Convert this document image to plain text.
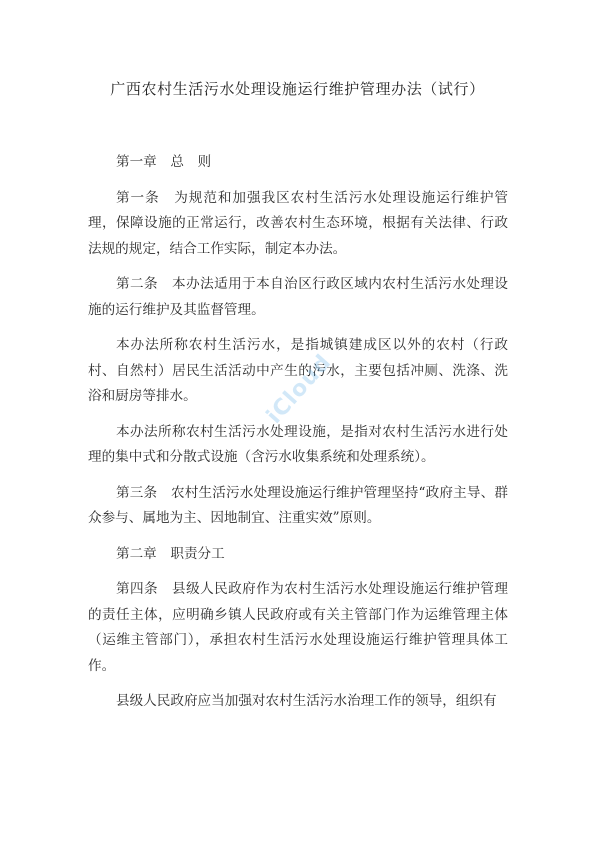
广西农村生活污水处理设施运行维护管理办法（试行）

第一章　总　则

第一条　为规范和加强我区农村生活污水处理设施运行维护管理，保障设施的正常运行，改善农村生态环境，根据有关法律、行政法规的规定，结合工作实际，制定本办法。

第二条　本办法适用于本自治区行政区域内农村生活污水处理设施的运行维护及其监督管理。

本办法所称农村生活污水，是指城镇建成区以外的农村（行政村、自然村）居民生活活动中产生的污水，主要包括冲厕、洗涤、洗浴和厨房等排水。

本办法所称农村生活污水处理设施，是指对农村生活污水进行处理的集中式和分散式设施（含污水收集系统和处理系统）。

第三条　农村生活污水处理设施运行维护管理坚持“政府主导、群众参与、属地为主、因地制宜、注重实效”原则。

第二章　职责分工

第四条　县级人民政府作为农村生活污水处理设施运行维护管理的责任主体，应明确乡镇人民政府或有关主管部门作为运维管理主体（运维主管部门），承担农村生活污水处理设施运行维护管理具体工作。

县级人民政府应当加强对农村生活污水治理工作的领导，组织有

iCloud
